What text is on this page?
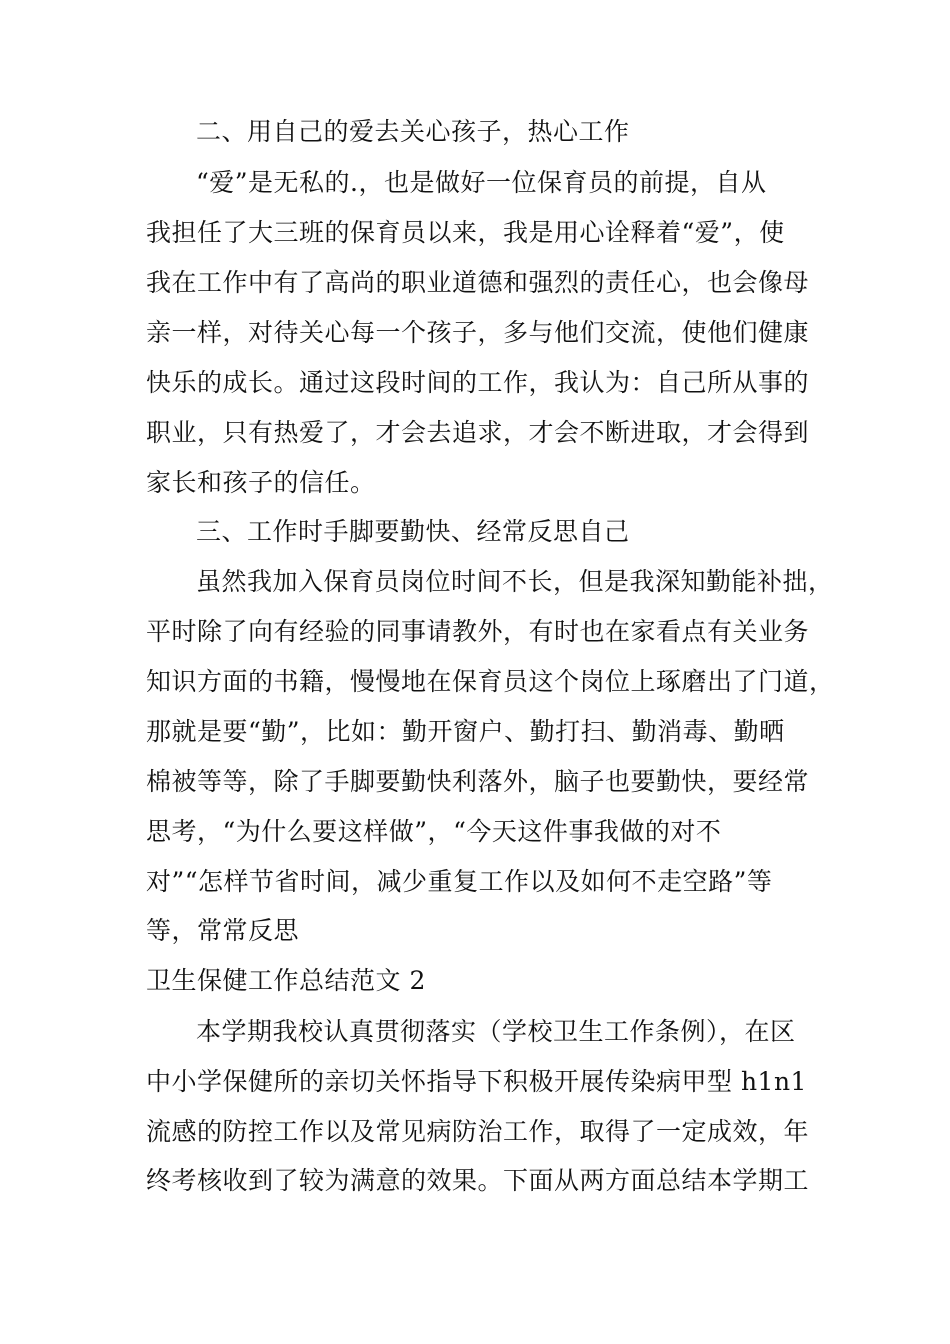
二、用自己的爱去关心孩子，热心工作
“爱”是无私的.，也是做好一位保育员的前提，自从
我担任了大三班的保育员以来，我是用心诠释着“爱”，使
我在工作中有了高尚的职业道德和强烈的责任心，也会像母
亲一样，对待关心每一个孩子，多与他们交流，使他们健康
快乐的成长。通过这段时间的工作，我认为：自己所从事的
职业，只有热爱了，才会去追求，才会不断进取，才会得到
家长和孩子的信任。
三、工作时手脚要勤快、经常反思自己
虽然我加入保育员岗位时间不长，但是我深知勤能补拙，
平时除了向有经验的同事请教外，有时也在家看点有关业务
知识方面的书籍，慢慢地在保育员这个岗位上琢磨出了门道，
那就是要“勤”，比如：勤开窗户、勤打扫、勤消毒、勤晒
棉被等等，除了手脚要勤快利落外，脑子也要勤快，要经常
思考，“为什么要这样做”，“今天这件事我做的对不
对”“怎样节省时间，减少重复工作以及如何不走空路”等
等，常常反思
卫生保健工作总结范文 2
本学期我校认真贯彻落实（学校卫生工作条例），在区
中小学保健所的亲切关怀指导下积极开展传染病甲型 h1n1
流感的防控工作以及常见病防治工作，取得了一定成效，年
终考核收到了较为满意的效果。下面从两方面总结本学期工
